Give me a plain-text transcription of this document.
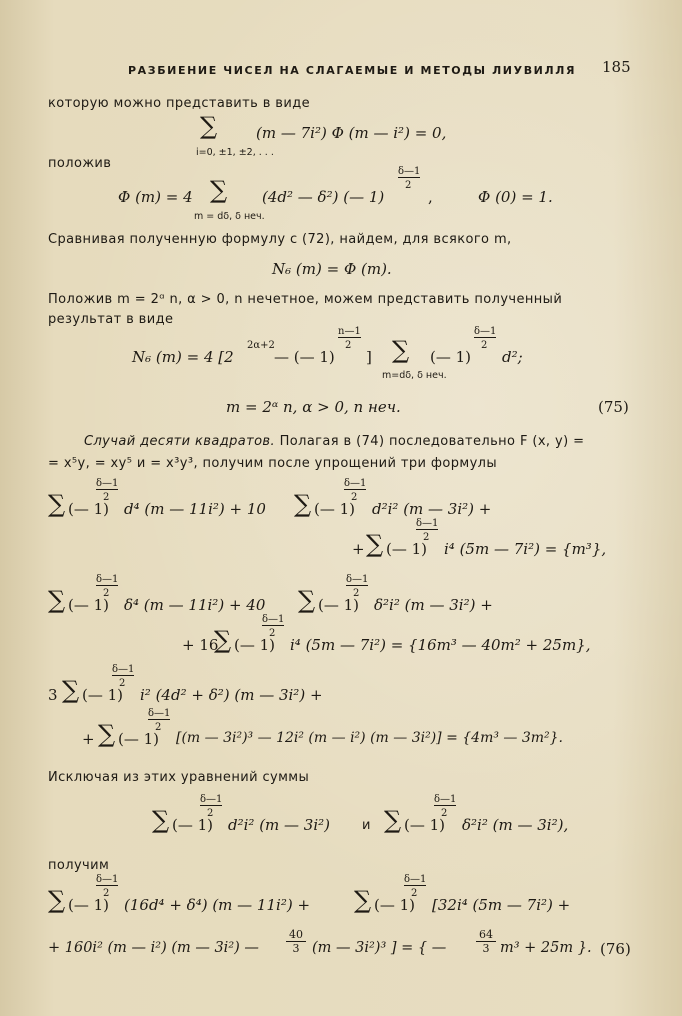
РАЗБИЕНИЕ ЧИСЕЛ НА СЛАГАЕМЫЕ И МЕТОДЫ ЛИУВИЛЛЯ 185
которую можно представить в виде
∑	(m — 7i²) Φ (m — i²) = 0,
i=0, ±1, ±2, . . .
положив
Φ (m) = 4 ∑ (4d² — δ²) (— 1)
δ—1
2
,
m = dδ, δ неч.
Φ (0) = 1.
Сравнивая полученную формулу с (72), найдем, для всякого m,
N₆ (m) = Φ (m).
Положив m = 2ᵅ n, α > 0, n нечетное, можем представить полученный
результат в виде
N₆ (m) = 4 [2
2α+2
— (— 1)
n—1
2
] ∑ (— 1)
δ—1
2
d²;
m=dδ, δ неч.
m = 2ᵅ n, α > 0, n неч.	(75)
Случай десяти квадратов. Полагая в (74) последовательно F (x, y) =
= x⁵y, = xy⁵ и = x³y³, получим после упрощений три формулы
∑ (— 1)
δ—1
2
d⁴ (m — 11i²) + 10 ∑ (— 1)
δ—1
2
d²i² (m — 3i²) +
+ ∑ (— 1)
δ—1
2
i⁴ (5m — 7i²) = {m³},
∑ (— 1)
δ—1
2
δ⁴ (m — 11i²) + 40 ∑ (— 1)
δ—1
2
δ²i² (m — 3i²) +
+ 16
∑ (— 1)
δ—1
2
i⁴ (5m — 7i²) = {16m³ — 40m² + 25m},
3 ∑ (— 1)
δ—1
2
i² (4d² + δ²) (m — 3i²) +
+ ∑ (— 1)
δ—1
2
[(m — 3i²)³ — 12i² (m — i²) (m — 3i²)] = {4m³ — 3m²}.
Исключая из этих уравнений суммы
∑ (— 1)
δ—1
2
d²i² (m — 3i²) и ∑ (— 1)
δ—1
2
δ²i² (m — 3i²),
получим
∑ (— 1)
δ—1
2
(16d⁴ + δ⁴) (m — 11i²) + ∑ (— 1)
δ—1
2
[32i⁴ (5m — 7i²) +
+ 160i² (m — i²) (m — 3i²) — $\frac{40}{3} (m$ — 3i²)³ ] = { —	$\frac{64}{3} m^3 + 25m$ }. (76)
